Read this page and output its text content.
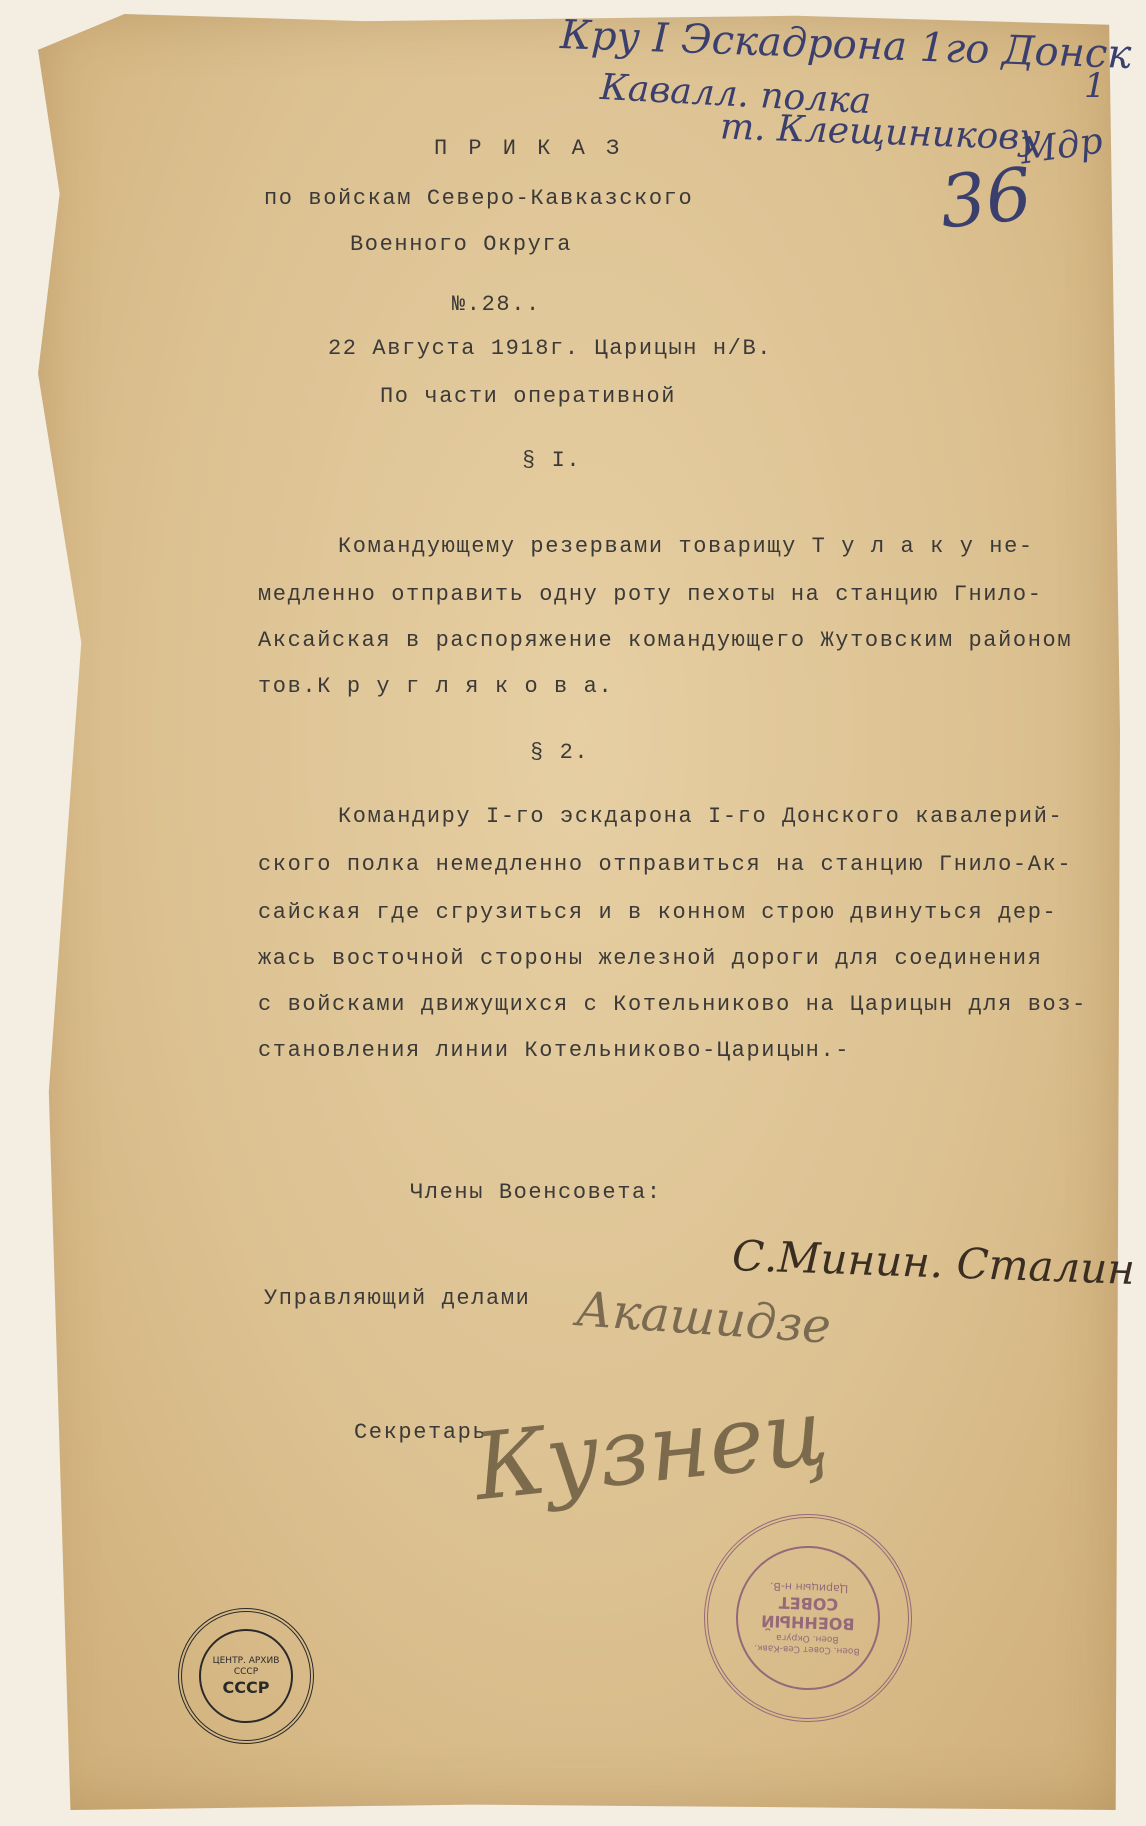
Кру I Эскадрона 1го Донск
Кавалл. полка	1
т. Клещиникову
Мдр
36
П Р И К А З
по войскам Северо-Кавказского
Военного Округа
№.28..
22 Августа 1918г. Царицын н/В.
По части оперативной
§ I.
Командующему резервами товарищу Т у л а к у не-
медленно отправить одну роту пехоты на станцию Гнило-
Аксайская в распоряжение командующего Жутовским районом
тов.К р у г л я к о в а.
§ 2.
Командиру I-го эскдарона I-го Донского кавалерий-
ского полка немедленно отправиться на станцию Гнило-Ак-
сайская где сгрузиться и в конном строю двинуться дер-
жась восточной стороны железной дороги для соединения
с войсками движущихся с Котельниково на Царицын для воз-
становления линии Котельниково-Царицын.-
Члены Военсовета:
С.Минин. Сталин
Управляющий делами Акашидзе
Секретарь
Кузнец
ЦЕНТР. АРХИВ СССР
СССР
Воен. Совет Сев-Кавк. Воен. Округа
ВОЕННЫЙ
СОВЕТ
Царицын н-В.
